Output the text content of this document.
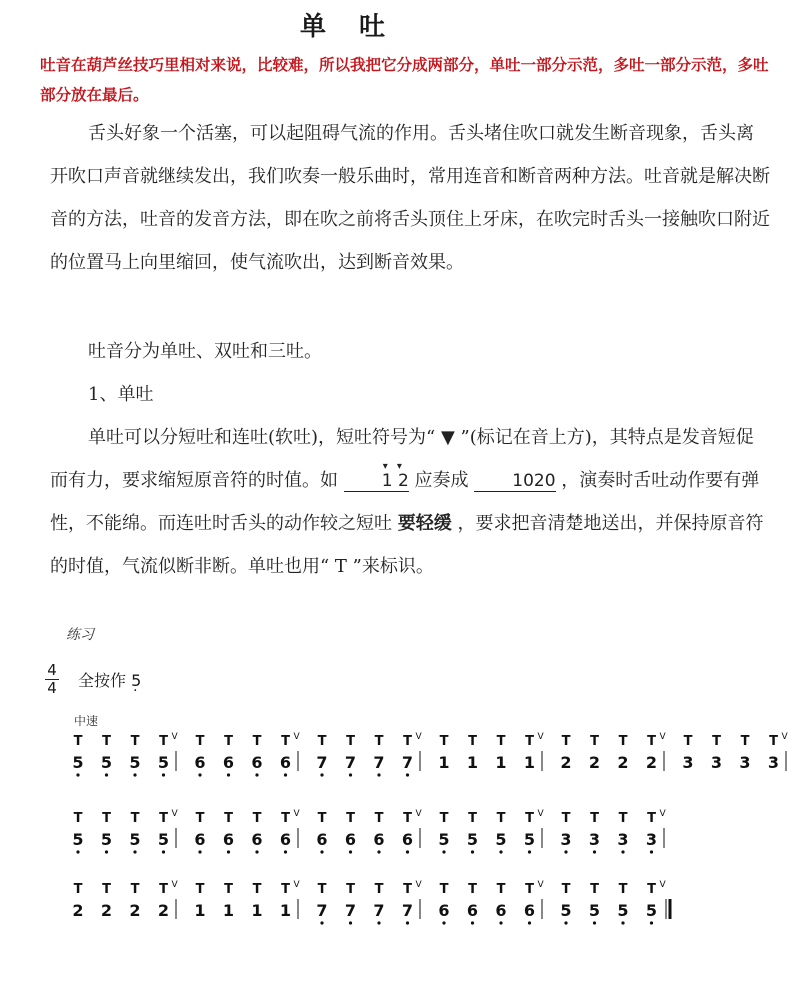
单 吐
吐音在葫芦丝技巧里相对来说，比较难，所以我把它分成两部分，单吐一部分示范，多吐一部分示范，多吐部分放在最后。
舌头好象一个活塞，可以起阻碍气流的作用。舌头堵住吹口就发生断音现象，舌头离开吹口声音就继续发出，我们吹奏一般乐曲时，常用连音和断音两种方法。吐音就是解决断音的方法，吐音的发音方法，即在吹之前将舌头顶住上牙床，在吹完时舌头一接触吹口附近的位置马上向里缩回，使气流吹出，达到断音效果。
吐音分为单吐、双吐和三吐。
1、单吐
单吐可以分短吐和连吐(软吐)，短吐符号为“ ▼ ”(标记在音上方)，其特点是发音短促而有力，要求缩短原音符的时值。如 ▾ ▾	1 2 应奏成	1020 ，演奏时舌吐动作要有弹性，不能绵。而连吐时舌头的动作较之短吐 要轻缓 ，要求把音清楚地送出，并保持原音符的时值，气流似断非断。单吐也用“ T ”来标识。
练习
4
4 全按作 5 ·
中速
T
5
T
5
T
5
T V
5
T
6
T
6
T
6
T V
6
T
7
T
7
T
7
T V
7
T
1
T
1
T
1
T V
1
T
2
T
2
T
2
T V
2
T
3
T
3
T
3
T V
3
T
5
T
5
T
5
T V
5
T
6
T
6
T
6
T V
6
T
6
T
6
T
6
T V
6
T
5
T
5
T
5
T V
5
T
3
T
3
T
3
T V
3
T
2
T
2
T
2
T V
2
T
1
T
1
T
1
T V
1
T
7
T
7
T
7
T V
7
T
6
T
6
T
6
T V
6
T
5
T
5
T
5
T V
5
